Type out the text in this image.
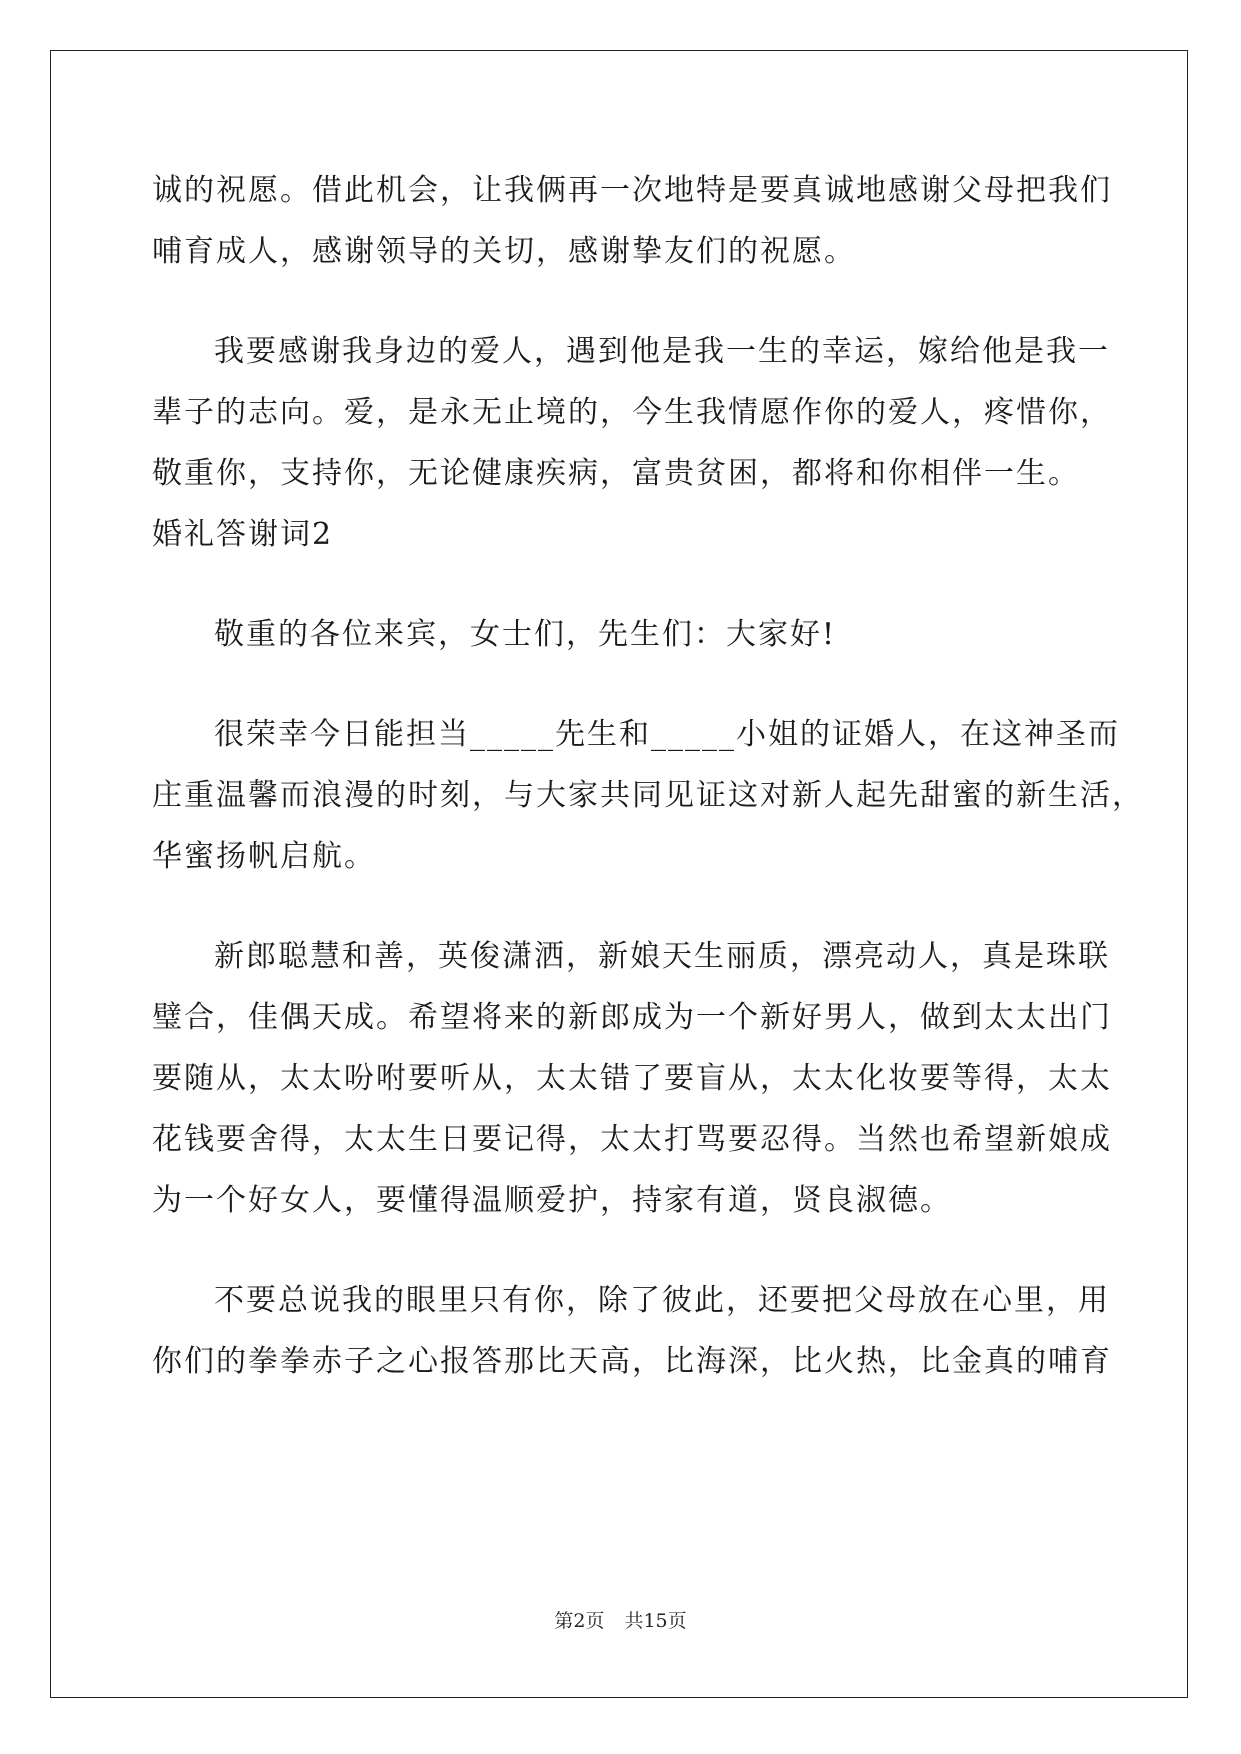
诚的祝愿。借此机会，让我俩再一次地特是要真诚地感谢父母把我们
哺育成人，感谢领导的关切，感谢挚友们的祝愿。
我要感谢我身边的爱人，遇到他是我一生的幸运，嫁给他是我一
辈子的志向。爱，是永无止境的，今生我情愿作你的爱人，疼惜你，
敬重你，支持你，无论健康疾病，富贵贫困，都将和你相伴一生。
婚礼答谢词2
敬重的各位来宾，女士们，先生们：大家好!
很荣幸今日能担当_____先生和_____小姐的证婚人，在这神圣而
庄重温馨而浪漫的时刻，与大家共同见证这对新人起先甜蜜的新生活，
华蜜扬帆启航。
新郎聪慧和善，英俊潇洒，新娘天生丽质，漂亮动人，真是珠联
璧合，佳偶天成。希望将来的新郎成为一个新好男人，做到太太出门
要随从，太太吩咐要听从，太太错了要盲从，太太化妆要等得，太太
花钱要舍得，太太生日要记得，太太打骂要忍得。当然也希望新娘成
为一个好女人，要懂得温顺爱护，持家有道，贤良淑德。
不要总说我的眼里只有你，除了彼此，还要把父母放在心里，用
你们的拳拳赤子之心报答那比天高，比海深，比火热，比金真的哺育
第2页 共15页
